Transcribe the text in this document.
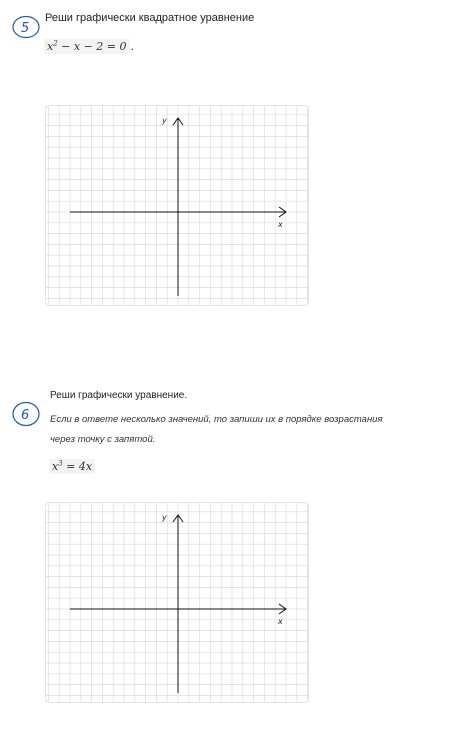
5
Реши графически квадратное уравнение
$x^2 - x - 2 = 0$ .
x
y
6
Реши графически уравнение.
Если в ответе несколько значений, то запиши их в порядке возрастания
через точку с запятой.
$x^3 = 4x$
x
y
